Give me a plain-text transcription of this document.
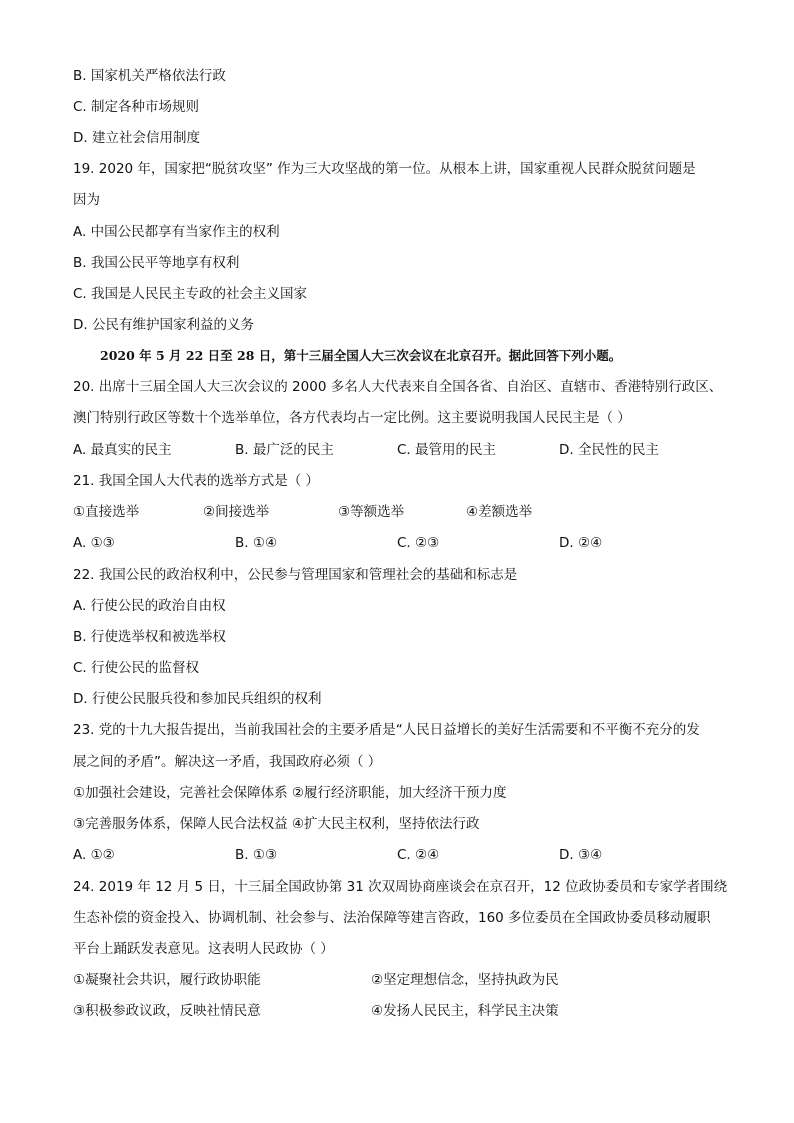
B. 国家机关严格依法行政
C. 制定各种市场规则
D. 建立社会信用制度
19. 2020 年，国家把“脱贫攻坚” 作为三大攻坚战的第一位。从根本上讲，国家重视人民群众脱贫问题是
因为
A. 中国公民都享有当家作主的权利
B. 我国公民平等地享有权利
C. 我国是人民民主专政的社会主义国家
D. 公民有维护国家利益的义务
2020 年 5 月 22 日至 28 日，第十三届全国人大三次会议在北京召开。据此回答下列小题。
20. 出席十三届全国人大三次会议的 2000 多名人大代表来自全国各省、自治区、直辖市、香港特别行政区、
澳门特别行政区等数十个选举单位，各方代表均占一定比例。这主要说明我国人民民主是（ ）
A. 最真实的民主	B. 最广泛的民主	C. 最管用的民主	D. 全民性的民主
21. 我国全国人大代表的选举方式是（ ）
①直接选举	②间接选举	③等额选举	④差额选举
A. ①③	B. ①④	C. ②③	D. ②④
22. 我国公民的政治权利中，公民参与管理国家和管理社会的基础和标志是
A. 行使公民的政治自由权
B. 行使选举权和被选举权
C. 行使公民的监督权
D. 行使公民服兵役和参加民兵组织的权利
23. 党的十九大报告提出，当前我国社会的主要矛盾是“人民日益增长的美好生活需要和不平衡不充分的发
展之间的矛盾”。解决这一矛盾，我国政府必须（ ）
①加强社会建设，完善社会保障体系 ②履行经济职能，加大经济干预力度
③完善服务体系，保障人民合法权益 ④扩大民主权利，坚持依法行政
A. ①②	B. ①③	C. ②④	D. ③④
24. 2019 年 12 月 5 日，十三届全国政协第 31 次双周协商座谈会在京召开，12 位政协委员和专家学者围绕
生态补偿的资金投入、协调机制、社会参与、法治保障等建言咨政，160 多位委员在全国政协委员移动履职
平台上踊跃发表意见。这表明人民政协（ ）
①凝聚社会共识，履行政协职能	②坚定理想信念，坚持执政为民
③积极参政议政，反映社情民意	④发扬人民民主，科学民主决策
